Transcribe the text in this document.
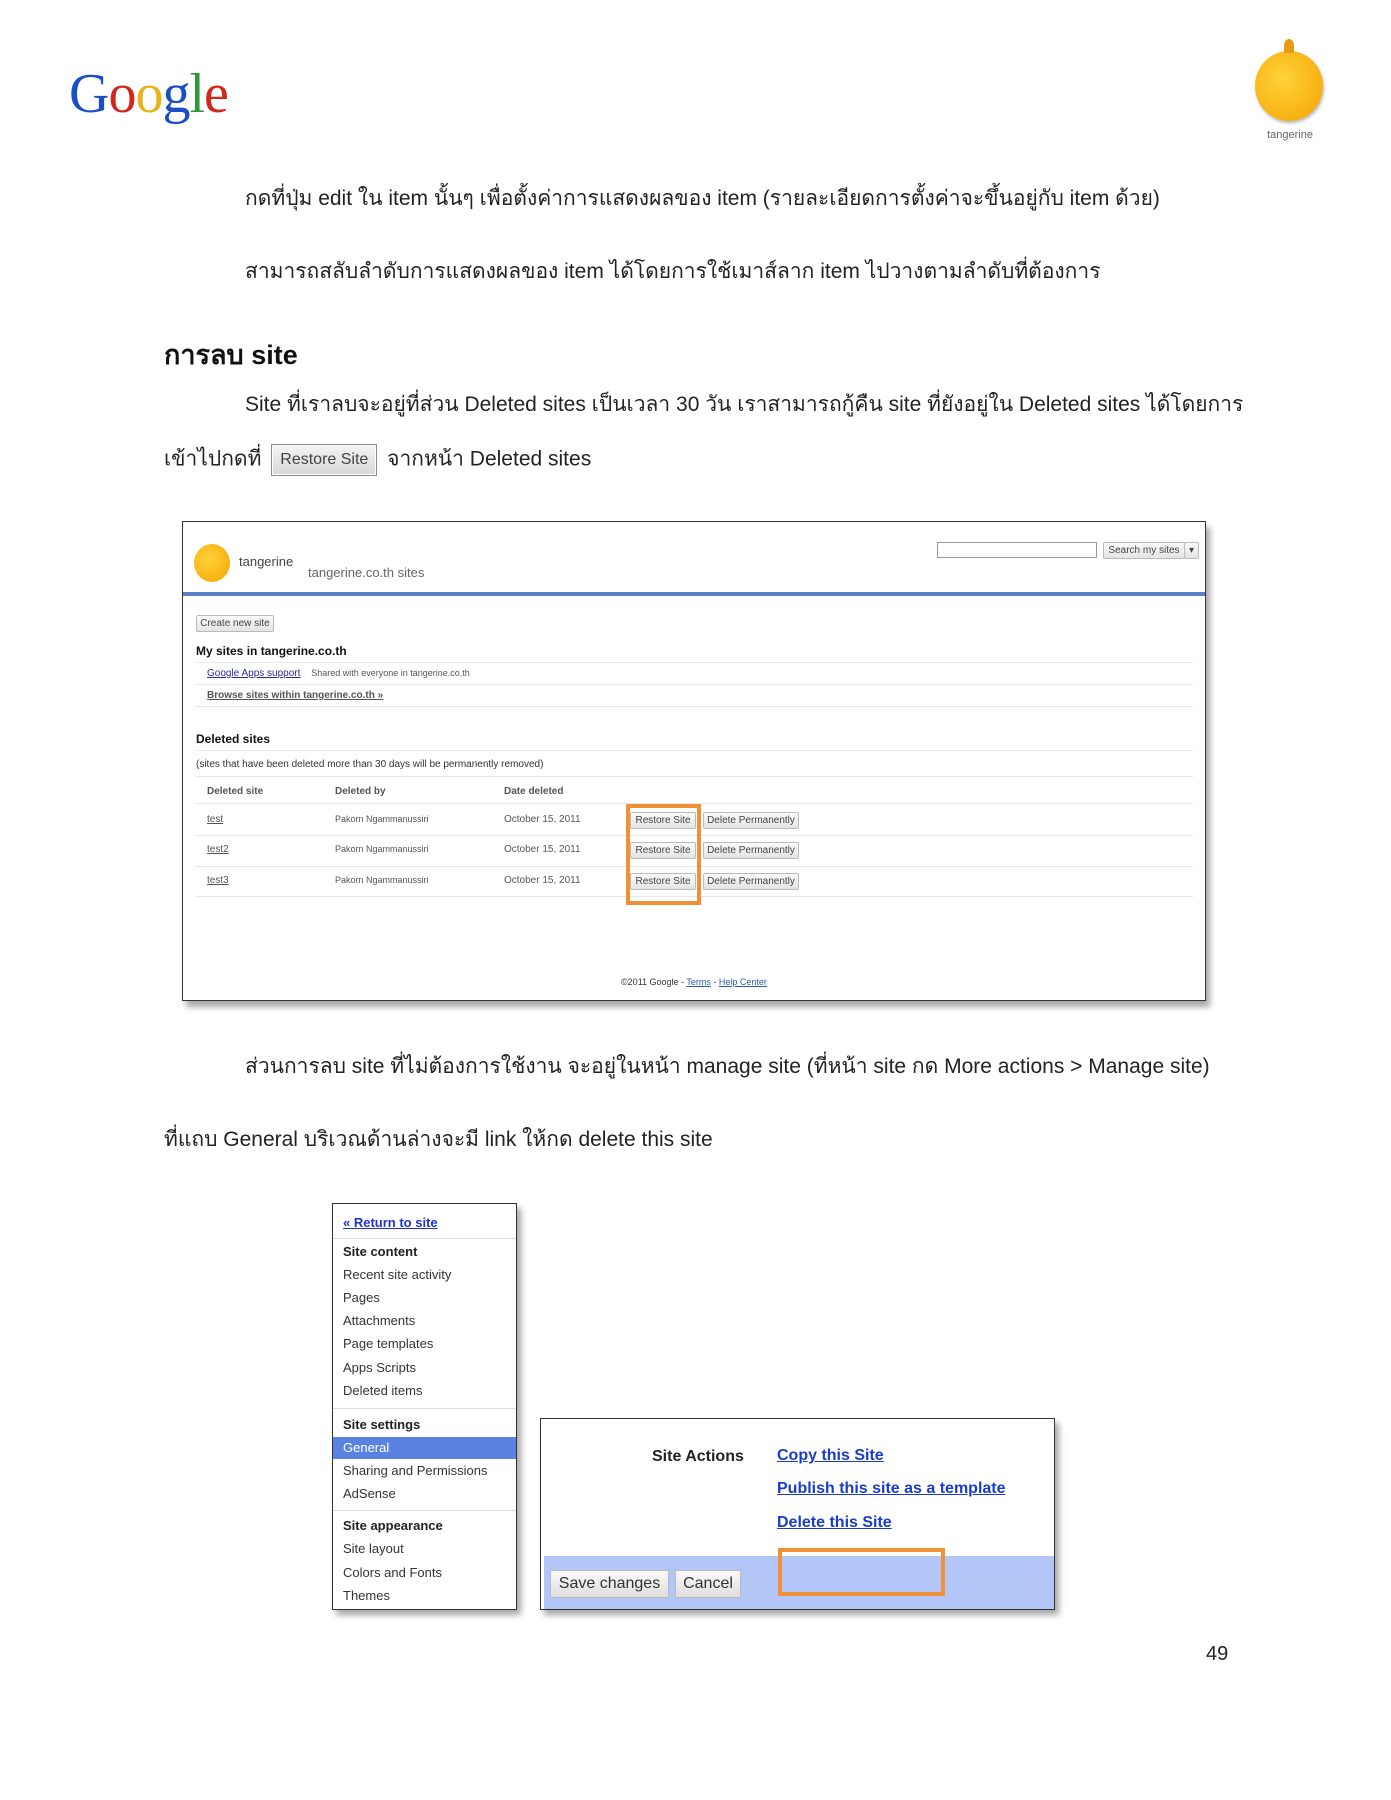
Google
tangerine
กดที่ปุ่ม edit ใน item นั้นๆ เพื่อตั้งค่าการแสดงผลของ item (รายละเอียดการตั้งค่าจะขึ้นอยู่กับ item ด้วย)
สามารถสลับลำดับการแสดงผลของ item ได้โดยการใช้เมาส์ลาก item ไปวางตามลำดับที่ต้องการ
การลบ site
Site ที่เราลบจะอยู่ที่ส่วน Deleted sites เป็นเวลา 30 วัน เราสามารถกู้คืน site ที่ยังอยู่ใน Deleted sites ได้โดยการ
เข้าไปกดที่ Restore Site จากหน้า Deleted sites
tangerine
tangerine.co.th sites
Search my sites ▾
Create new site
My sites in tangerine.co.th
Google Apps support Shared with everyone in tangerine.co.th
Browse sites within tangerine.co.th »
Deleted sites
(sites that have been deleted more than 30 days will be permanently removed)
Deleted site	Deleted by	Date deleted
test	Pakorn Ngammanussiri	October 15, 2011	Restore Site	Delete Permanently
test2	Pakorn Ngammanussiri	October 15, 2011	Restore Site	Delete Permanently
test3	Pakorn Ngammanussiri	October 15, 2011	Restore Site	Delete Permanently
©2011 Google - Terms - Help Center
ส่วนการลบ site ที่ไม่ต้องการใช้งาน จะอยู่ในหน้า manage site (ที่หน้า site กด More actions > Manage site)
ที่แถบ General บริเวณด้านล่างจะมี link ให้กด delete this site
« Return to site
Site content
Recent site activity
Pages
Attachments
Page templates
Apps Scripts
Deleted items
Site settings
General
Sharing and Permissions
AdSense
Site appearance
Site layout
Colors and Fonts
Themes
Site Actions Copy this Site
Publish this site as a template
Delete this Site
Save changes	Cancel
49
